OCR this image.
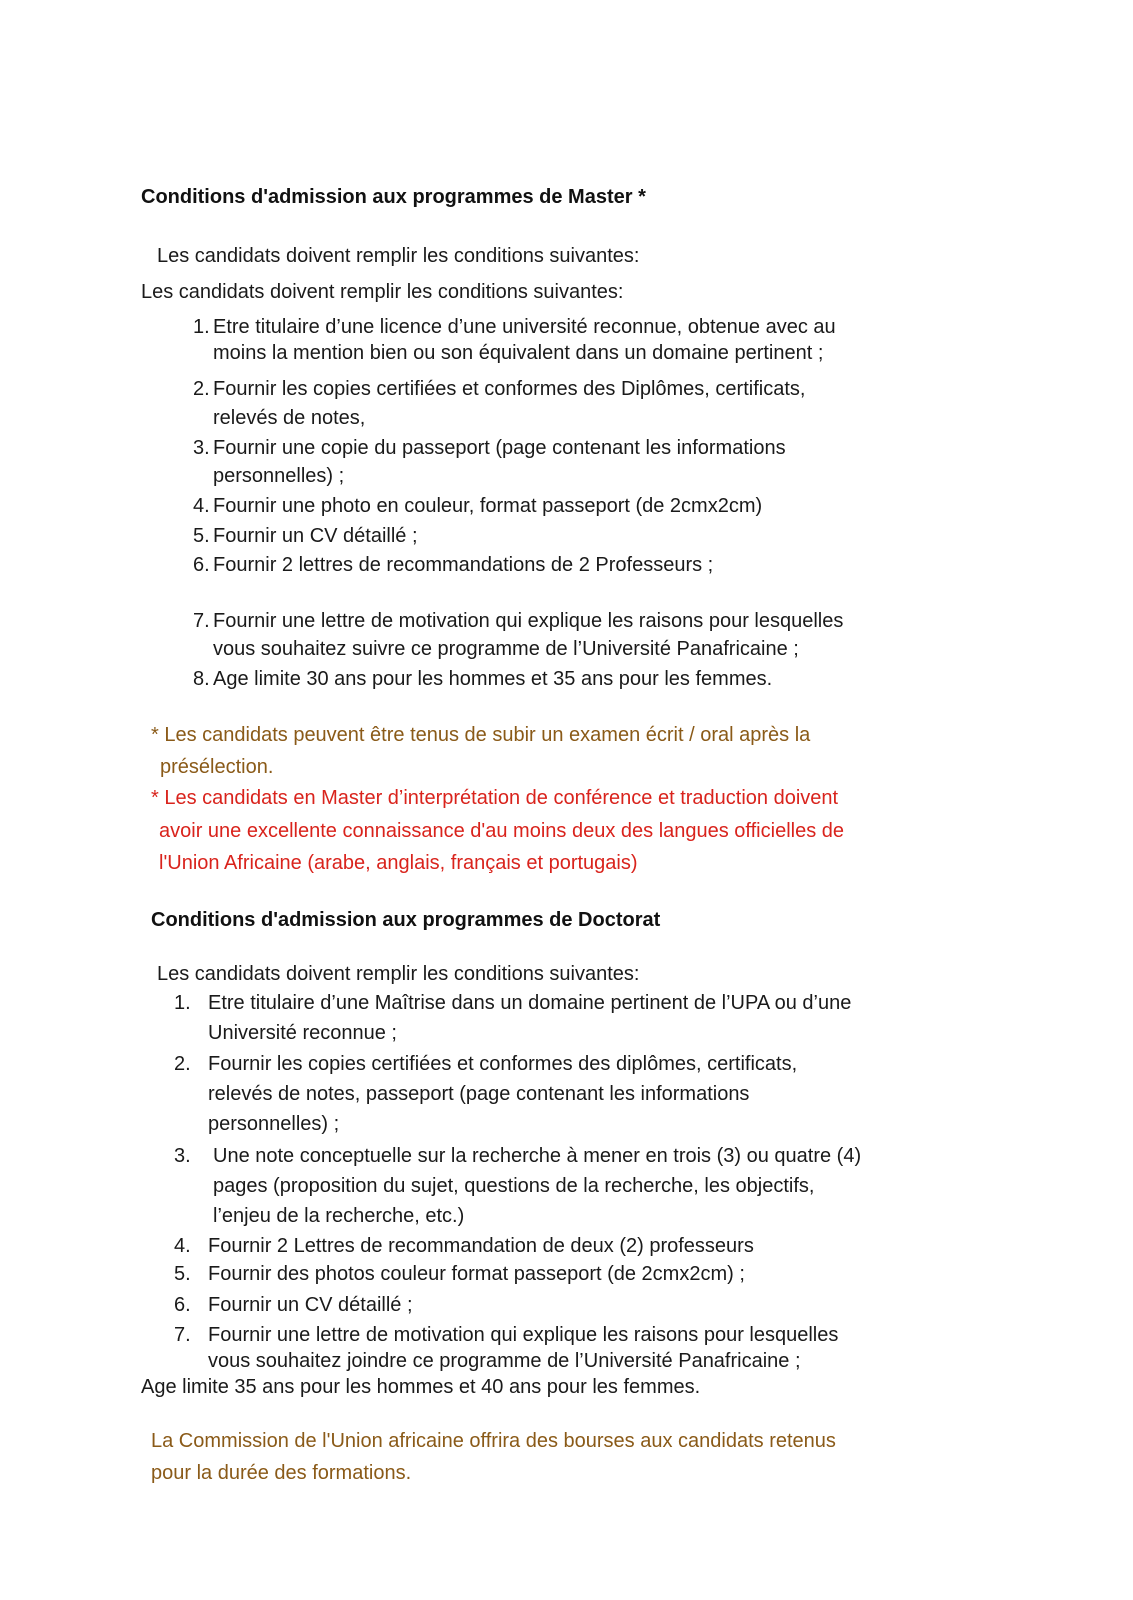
Conditions d'admission aux programmes de Master *
Les candidats doivent remplir les conditions suivantes:
Les candidats doivent remplir les conditions suivantes:
1. Etre titulaire d’une licence d’une université reconnue, obtenue avec au
moins la mention bien ou son équivalent dans un domaine pertinent ;
2. Fournir les copies certifiées et conformes des Diplômes, certificats,
relevés de notes,
3. Fournir une copie du passeport (page contenant les informations
personnelles) ;
4. Fournir une photo en couleur, format passeport (de 2cmx2cm)
5. Fournir un CV détaillé ;
6. Fournir 2 lettres de recommandations de 2 Professeurs ;
7. Fournir une lettre de motivation qui explique les raisons pour lesquelles
vous souhaitez suivre ce programme de l’Université Panafricaine ;
8. Age limite 30 ans pour les hommes et 35 ans pour les femmes.
* Les candidats peuvent être tenus de subir un examen écrit / oral après la
présélection.
* Les candidats en Master d’interprétation de conférence et traduction doivent
avoir une excellente connaissance d'au moins deux des langues officielles de
l'Union Africaine (arabe, anglais, français et portugais)
Conditions d'admission aux programmes de Doctorat
Les candidats doivent remplir les conditions suivantes:
1. Etre titulaire d’une Maîtrise dans un domaine pertinent de l’UPA ou d’une
Université reconnue ;
2. Fournir les copies certifiées et conformes des diplômes, certificats,
relevés de notes, passeport (page contenant les informations
personnelles) ;
3. Une note conceptuelle sur la recherche à mener en trois (3) ou quatre (4)
pages (proposition du sujet, questions de la recherche, les objectifs,
l’enjeu de la recherche, etc.)
4. Fournir 2 Lettres de recommandation de deux (2) professeurs
5. Fournir des photos couleur format passeport (de 2cmx2cm) ;
6. Fournir un CV détaillé ;
7. Fournir une lettre de motivation qui explique les raisons pour lesquelles
vous souhaitez joindre ce programme de l’Université Panafricaine ;
Age limite 35 ans pour les hommes et 40 ans pour les femmes.
La Commission de l'Union africaine offrira des bourses aux candidats retenus
pour la durée des formations.
